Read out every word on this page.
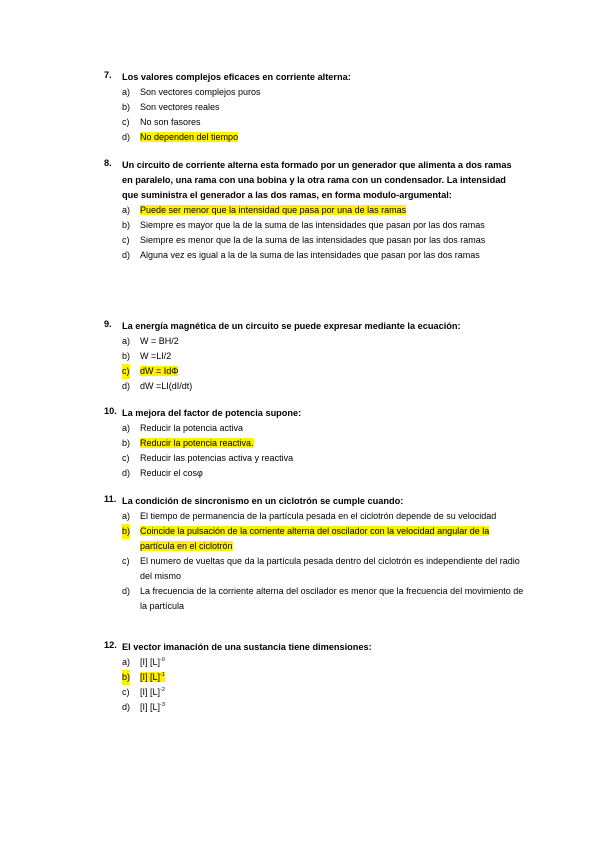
7. Los valores complejos eficaces en corriente alterna:
a) Son vectores complejos puros
b) Son vectores reales
c) No son fasores
d) No dependen del tiempo
8. Un circuito de corriente alterna esta formado por un generador que alimenta a dos ramas en paralelo, una rama con una bobina y la otra rama con un condensador. La intensidad que suministra el generador a las dos ramas, en forma modulo-argumental:
a) Puede ser menor que la intensidad que pasa por una de las ramas
b) Siempre es mayor que la de la suma de las intensidades que pasan por las dos ramas
c) Siempre es menor que la de la suma de las intensidades que pasan por las dos ramas
d) Alguna vez es igual a la de la suma de las intensidades que pasan por las dos ramas
9. La energía magnética de un circuito se puede expresar mediante la ecuación:
a) W = BH/2
b) W =LI/2
c) dW = IdΦ
d) dW =LI(dI/dt)
10. La mejora del factor de potencia supone:
a) Reducir la potencia activa
b) Reducir la potencia reactiva.
c) Reducir las potencias activa y reactiva
d) Reducir el cosφ
11. La condición de sincronismo en un ciclotrón se cumple cuando:
a) El tiempo de permanencia de la partícula pesada en el ciclotrón depende de su velocidad
b) Coincide la pulsación de la corriente alterna del oscilador con la velocidad angular de la partícula en el ciclotrón
c) El numero de vueltas que da la partícula pesada dentro del ciclotrón es independiente del radio del mismo
d) La frecuencia de la corriente alterna del oscilador es menor que la frecuencia del movimiento de la partícula
12. El vector imanación de una sustancia tiene dimensiones:
a) [I] $[L]^{-0}$
b) [I] $[L]^{-1}$
c) [I] $[L]^{-2}$
d) [I] $[L]^{-3}$
